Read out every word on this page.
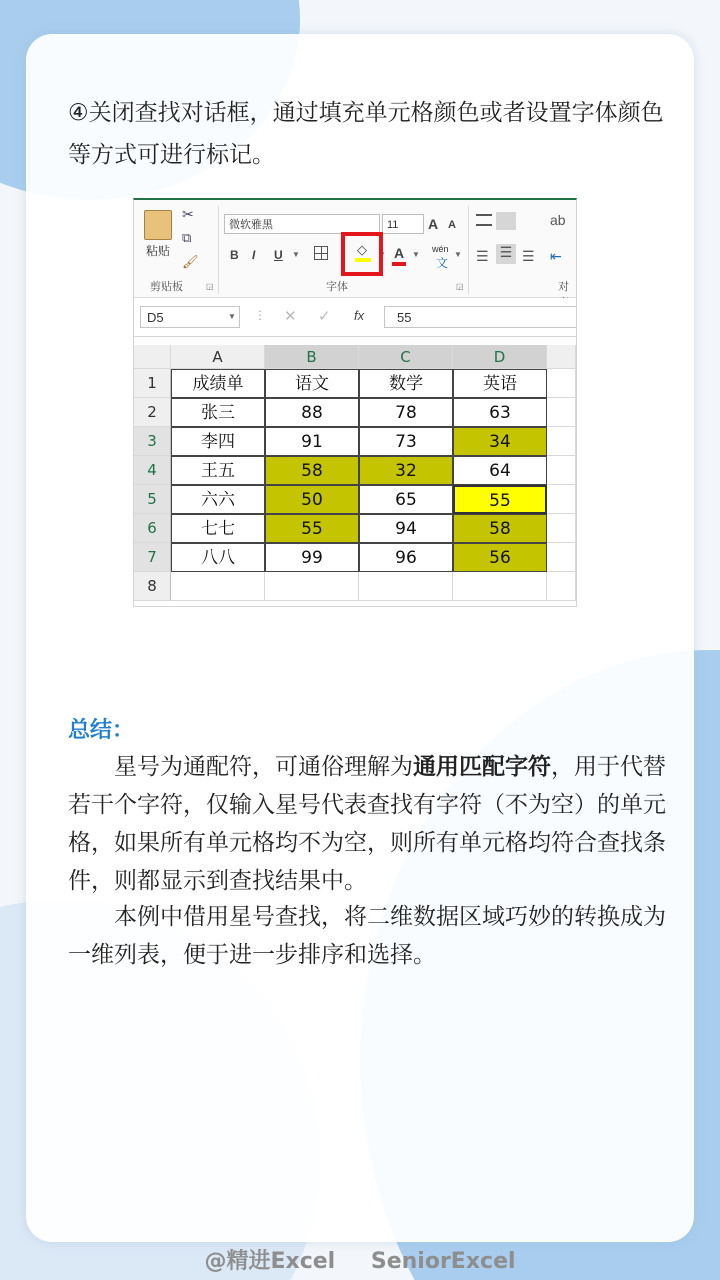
④关闭查找对话框，通过填充单元格颜色或者设置字体颜色等方式可进行标记。

粘贴
✂
⧉
🖌
剪贴板	◲
微软雅黑	11	A A
B I U ▼	◇ ▼ A ▼
wén
文
▼
字体	◲
ab
☰ ☰ ☰ ⇤
对
D5	▼ ⋮ ✕ ✓ fx	55
A	B	C	D
1	成绩单	语文	数学	英语
2	张三	88	78	63
3	李四	91	73	34
4	王五	58	32	64
5	六六	50	65	55
6	七七	55	94	58
7	八八	99	96	56
8
总结：

星号为通配符，可通俗理解为通用匹配字符，用于代替若干个字符，仅输入星号代表查找有字符（不为空）的单元格，如果所有单元格均不为空，则所有单元格均符合查找条件，则都显示到查找结果中。

本例中借用星号查找，将二维数据区域巧妙的转换成为一维列表，便于进一步排序和选择。

@精进Excel SeniorExcel
